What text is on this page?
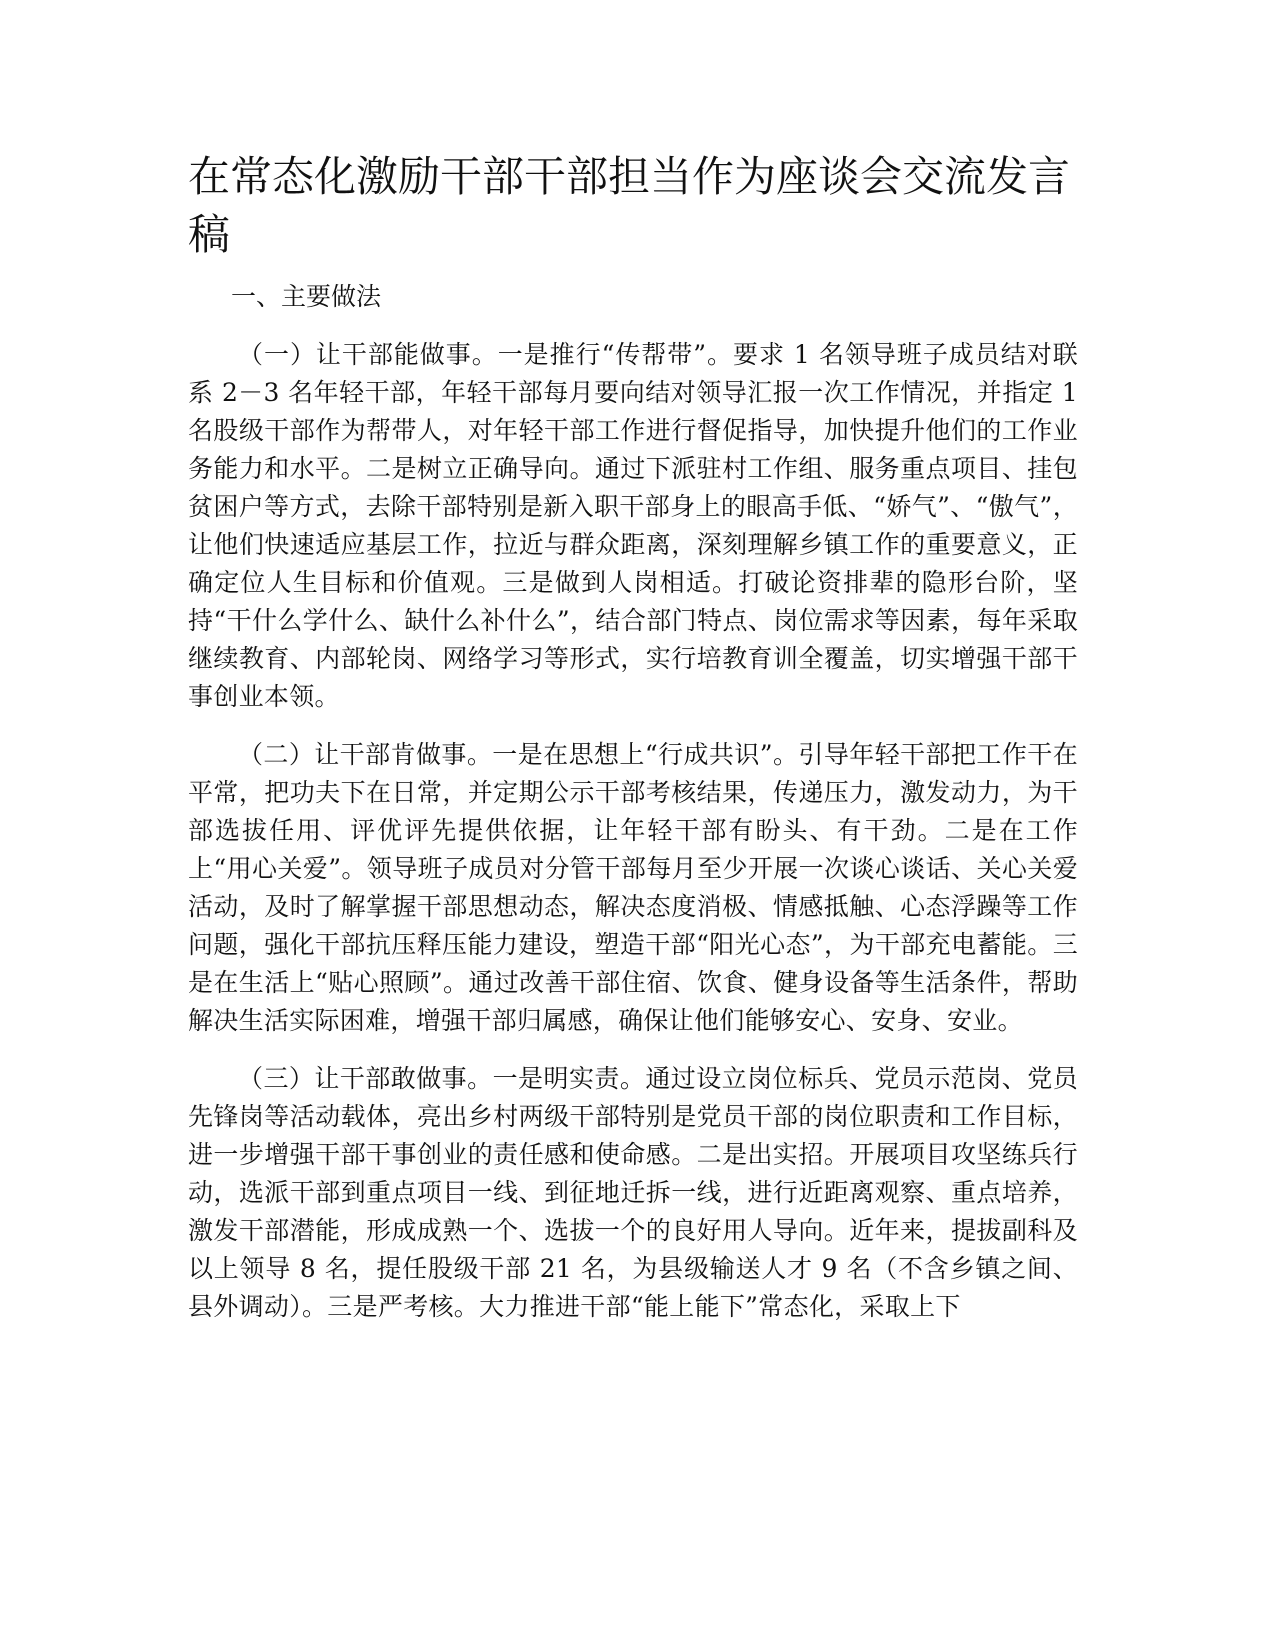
在常态化激励干部干部担当作为座谈会交流发言稿

一、主要做法

（一）让干部能做事。一是推行“传帮带”。要求 1 名领导班子成员结对联系 2－3 名年轻干部，年轻干部每月要向结对领导汇报一次工作情况，并指定 1 名股级干部作为帮带人，对年轻干部工作进行督促指导，加快提升他们的工作业务能力和水平。二是树立正确导向。通过下派驻村工作组、服务重点项目、挂包贫困户等方式，去除干部特别是新入职干部身上的眼高手低、“娇气”、“傲气”，让他们快速适应基层工作，拉近与群众距离，深刻理解乡镇工作的重要意义，正确定位人生目标和价值观。三是做到人岗相适。打破论资排辈的隐形台阶，坚持“干什么学什么、缺什么补什么”，结合部门特点、岗位需求等因素，每年采取继续教育、内部轮岗、网络学习等形式，实行培教育训全覆盖，切实增强干部干事创业本领。

（二）让干部肯做事。一是在思想上“行成共识”。引导年轻干部把工作干在平常，把功夫下在日常，并定期公示干部考核结果，传递压力，激发动力，为干部选拔任用、评优评先提供依据，让年轻干部有盼头、有干劲。二是在工作上“用心关爱”。领导班子成员对分管干部每月至少开展一次谈心谈话、关心关爱活动，及时了解掌握干部思想动态，解决态度消极、情感抵触、心态浮躁等工作问题，强化干部抗压释压能力建设，塑造干部“阳光心态”，为干部充电蓄能。三是在生活上“贴心照顾”。通过改善干部住宿、饮食、健身设备等生活条件，帮助解决生活实际困难，增强干部归属感，确保让他们能够安心、安身、安业。

（三）让干部敢做事。一是明实责。通过设立岗位标兵、党员示范岗、党员先锋岗等活动载体，亮出乡村两级干部特别是党员干部的岗位职责和工作目标，进一步增强干部干事创业的责任感和使命感。二是出实招。开展项目攻坚练兵行动，选派干部到重点项目一线、到征地迁拆一线，进行近距离观察、重点培养，激发干部潜能，形成成熟一个、选拔一个的良好用人导向。近年来，提拔副科及以上领导 8 名，提任股级干部 21 名，为县级输送人才 9 名（不含乡镇之间、县外调动）。三是严考核。大力推进干部“能上能下”常态化，采取上下
